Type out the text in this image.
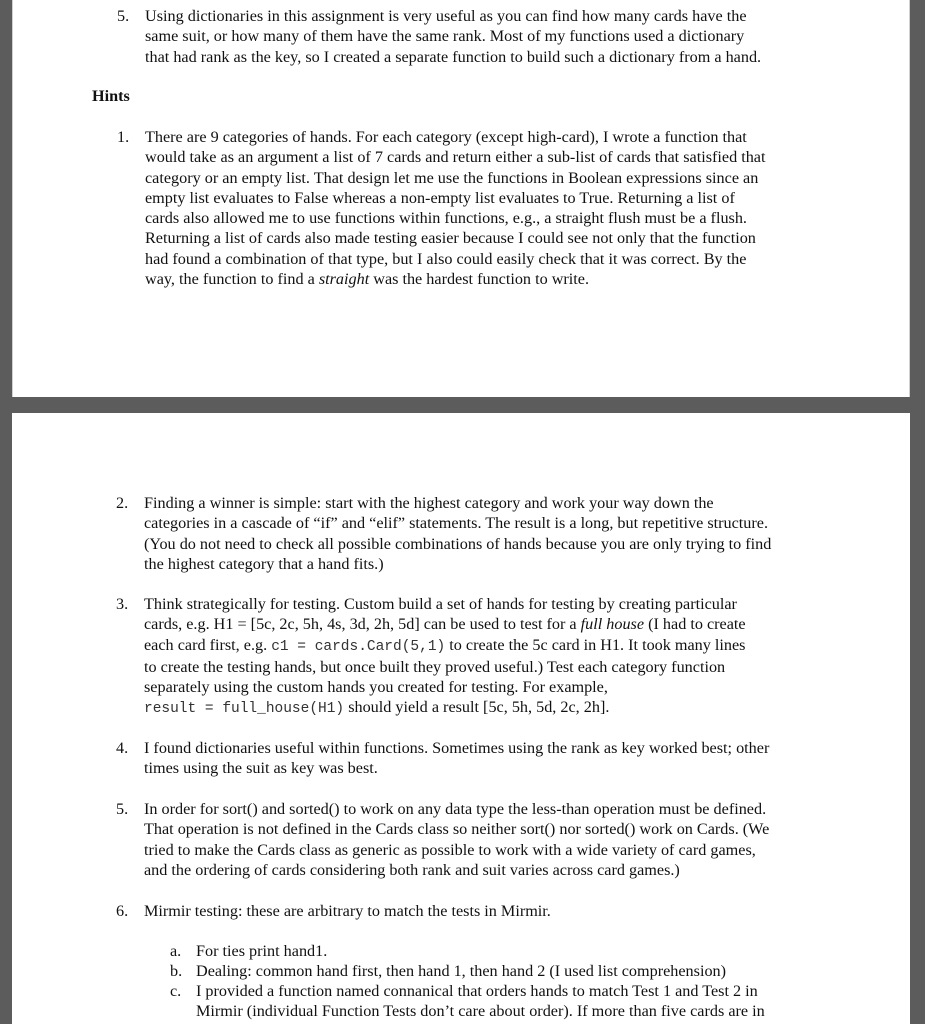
5. Using dictionaries in this assignment is very useful as you can find how many cards have the
same suit, or how many of them have the same rank. Most of my functions used a dictionary
that had rank as the key, so I created a separate function to build such a dictionary from a hand.
Hints
1. There are 9 categories of hands. For each category (except high-card), I wrote a function that
would take as an argument a list of 7 cards and return either a sub-list of cards that satisfied that
category or an empty list. That design let me use the functions in Boolean expressions since an
empty list evaluates to False whereas a non-empty list evaluates to True. Returning a list of
cards also allowed me to use functions within functions, e.g., a straight flush must be a flush.
Returning a list of cards also made testing easier because I could see not only that the function
had found a combination of that type, but I also could easily check that it was correct. By the
way, the function to find a straight was the hardest function to write.
2. Finding a winner is simple: start with the highest category and work your way down the
categories in a cascade of “if” and “elif” statements. The result is a long, but repetitive structure.
(You do not need to check all possible combinations of hands because you are only trying to find
the highest category that a hand fits.)
3. Think strategically for testing. Custom build a set of hands for testing by creating particular
cards, e.g. H1 = [5c, 2c, 5h, 4s, 3d, 2h, 5d] can be used to test for a full house (I had to create
each card first, e.g. c1 = cards.Card(5,1) to create the 5c card in H1. It took many lines
to create the testing hands, but once built they proved useful.) Test each category function
separately using the custom hands you created for testing. For example,
result = full_house(H1) should yield a result [5c, 5h, 5d, 2c, 2h].
4. I found dictionaries useful within functions. Sometimes using the rank as key worked best; other
times using the suit as key was best.
5. In order for sort() and sorted() to work on any data type the less-than operation must be defined.
That operation is not defined in the Cards class so neither sort() nor sorted() work on Cards. (We
tried to make the Cards class as generic as possible to work with a wide variety of card games,
and the ordering of cards considering both rank and suit varies across card games.)
6. Mirmir testing: these are arbitrary to match the tests in Mirmir.
a. For ties print hand1.
b. Dealing: common hand first, then hand 1, then hand 2 (I used list comprehension)
c. I provided a function named connanical that orders hands to match Test 1 and Test 2 in
Mirmir (individual Function Tests don’t care about order). If more than five cards are in
